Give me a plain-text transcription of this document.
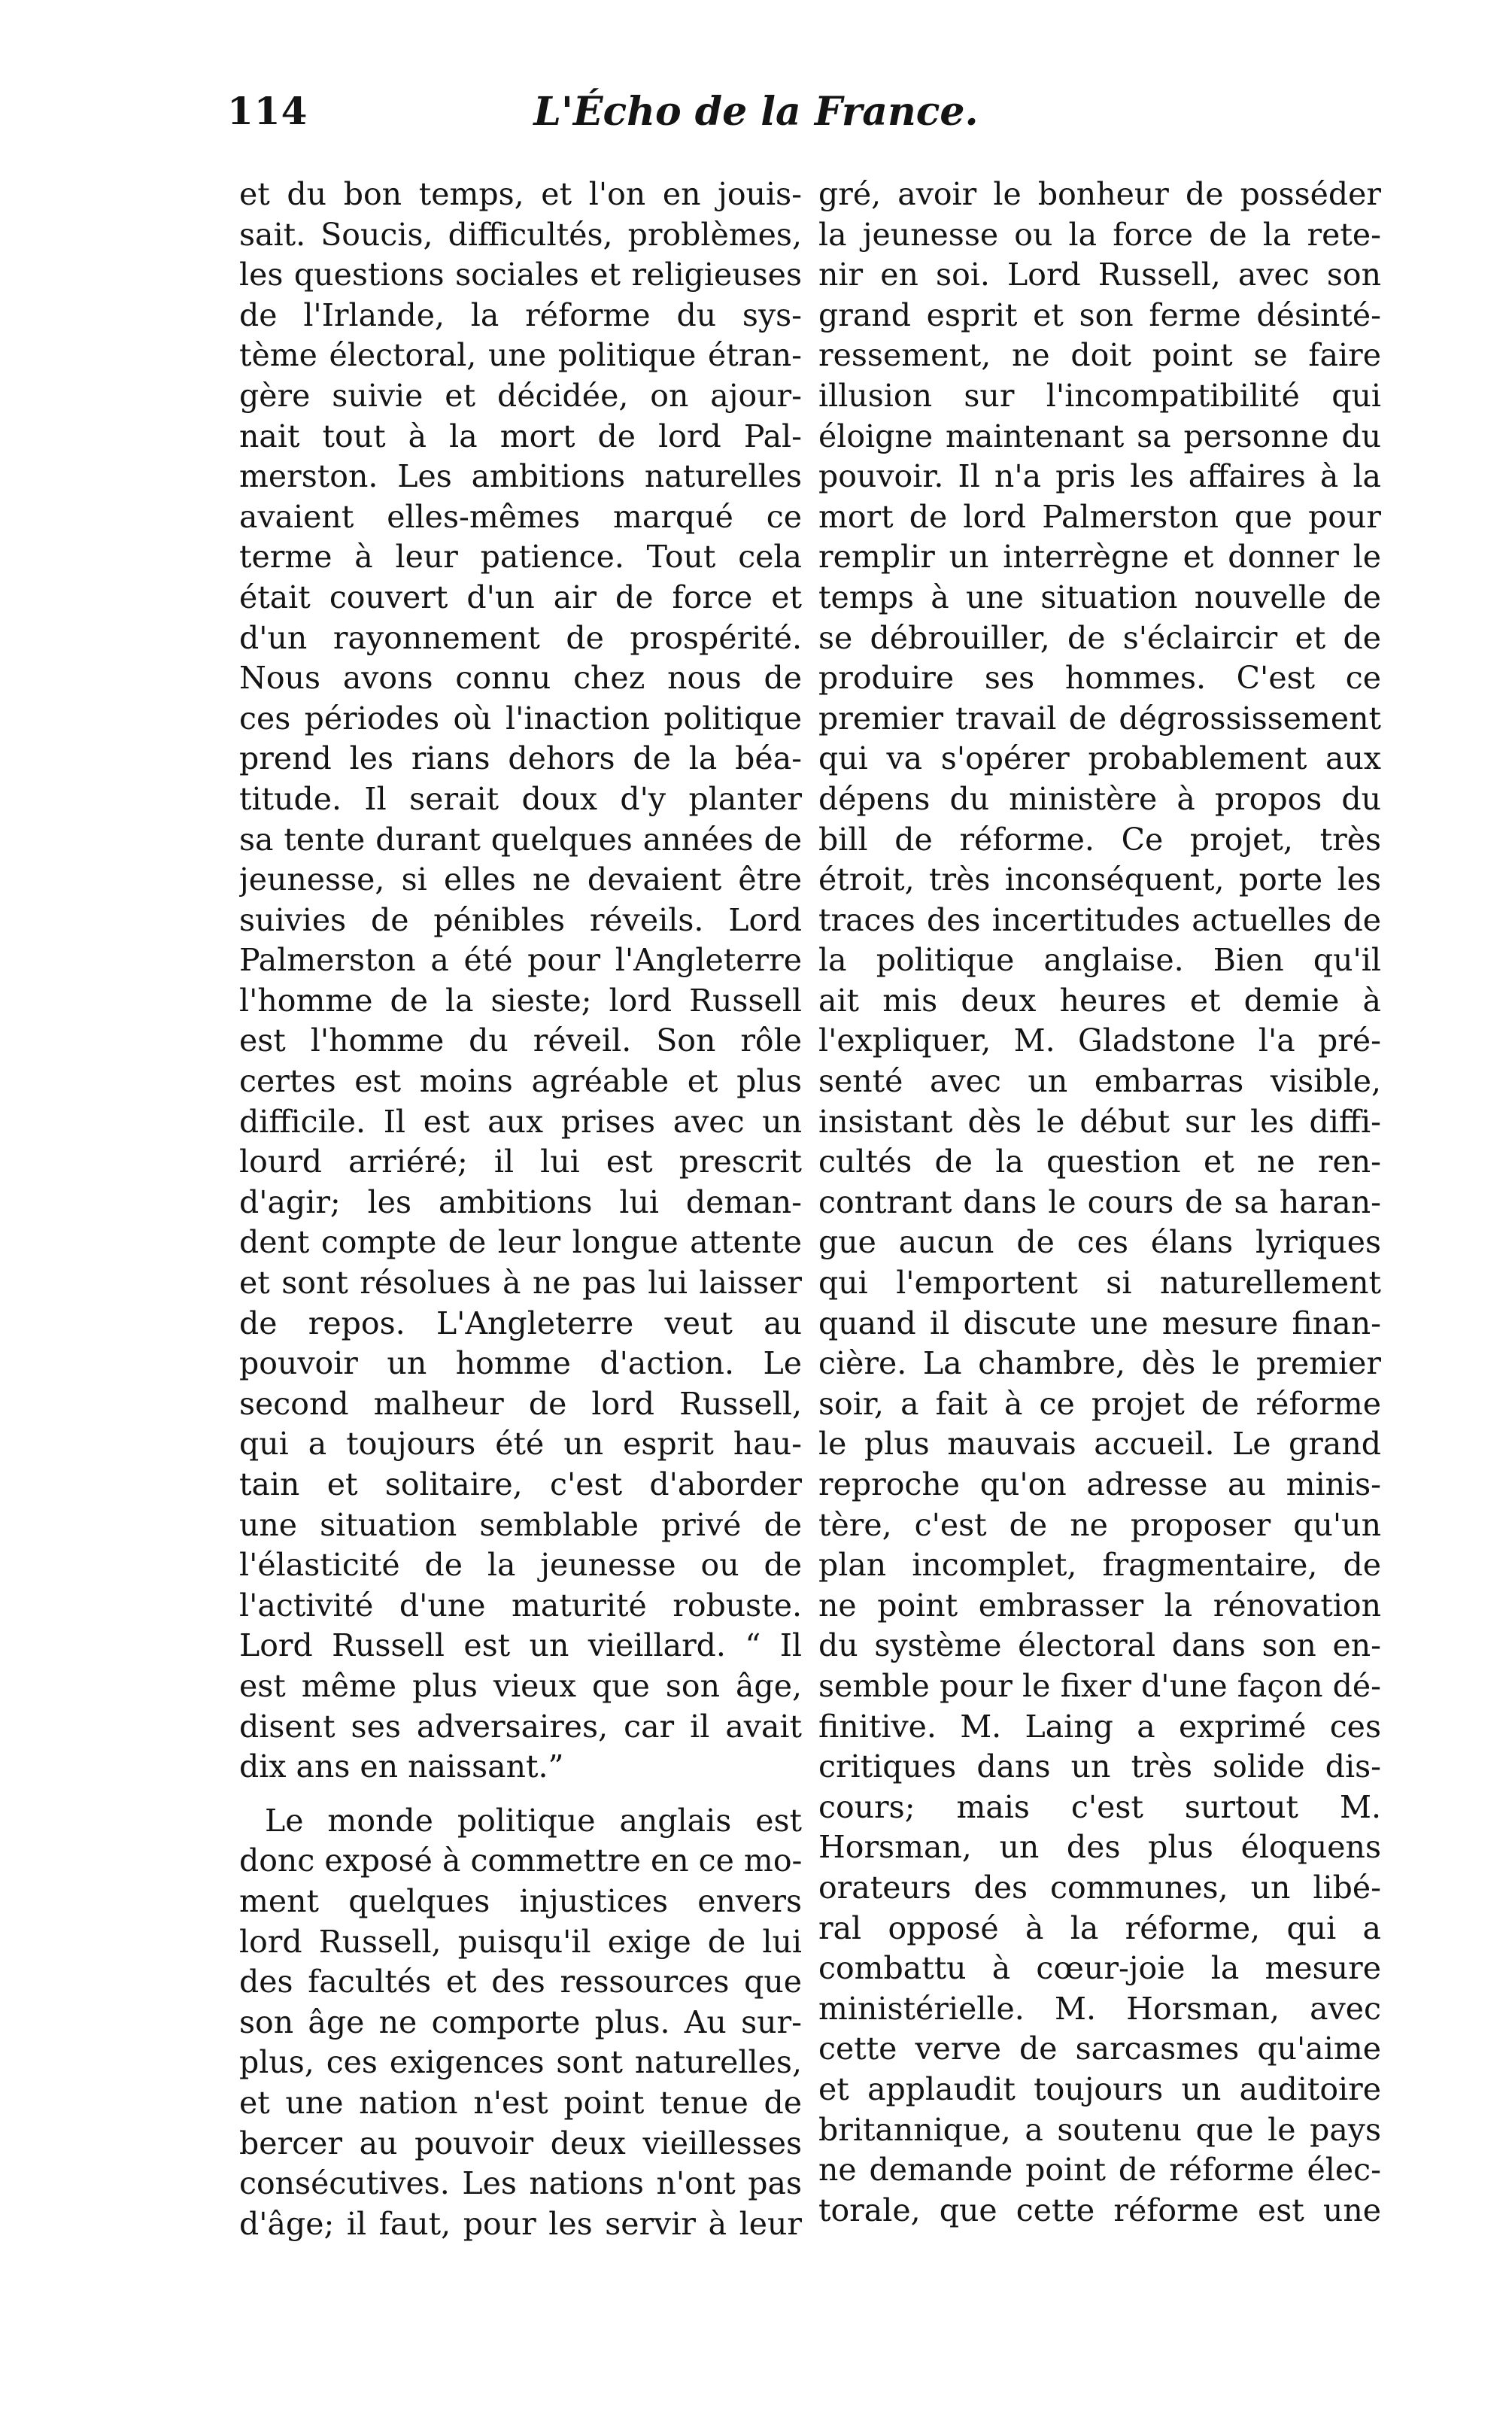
114	L'Écho de la France.
et du bon temps, et l'on en jouis-
sait. Soucis, difficultés, problèmes,
les questions sociales et religieuses
de l'Irlande, la réforme du sys-
tème électoral, une politique étran-
gère suivie et décidée, on ajour-
nait tout à la mort de lord Pal-
merston. Les ambitions naturelles
avaient elles-mêmes marqué ce
terme à leur patience. Tout cela
était couvert d'un air de force et
d'un rayonnement de prospérité.
Nous avons connu chez nous de
ces périodes où l'inaction politique
prend les rians dehors de la béa-
titude. Il serait doux d'y planter
sa tente durant quelques années de
jeunesse, si elles ne devaient être
suivies de pénibles réveils. Lord
Palmerston a été pour l'Angleterre
l'homme de la sieste; lord Russell
est l'homme du réveil. Son rôle
certes est moins agréable et plus
difficile. Il est aux prises avec un
lourd arriéré; il lui est prescrit
d'agir; les ambitions lui deman-
dent compte de leur longue attente
et sont résolues à ne pas lui laisser
de repos. L'Angleterre veut au
pouvoir un homme d'action. Le
second malheur de lord Russell,
qui a toujours été un esprit hau-
tain et solitaire, c'est d'aborder
une situation semblable privé de
l'élasticité de la jeunesse ou de
l'activité d'une maturité robuste.
Lord Russell est un vieillard. “ Il
est même plus vieux que son âge,
disent ses adversaires, car il avait
dix ans en naissant.”
Le monde politique anglais est
donc exposé à commettre en ce mo-
ment quelques injustices envers
lord Russell, puisqu'il exige de lui
des facultés et des ressources que
son âge ne comporte plus. Au sur-
plus, ces exigences sont naturelles,
et une nation n'est point tenue de
bercer au pouvoir deux vieillesses
consécutives. Les nations n'ont pas
d'âge; il faut, pour les servir à leur
gré, avoir le bonheur de posséder
la jeunesse ou la force de la rete-
nir en soi. Lord Russell, avec son
grand esprit et son ferme désinté-
ressement, ne doit point se faire
illusion sur l'incompatibilité qui
éloigne maintenant sa personne du
pouvoir. Il n'a pris les affaires à la
mort de lord Palmerston que pour
remplir un interrègne et donner le
temps à une situation nouvelle de
se débrouiller, de s'éclaircir et de
produire ses hommes. C'est ce
premier travail de dégrossissement
qui va s'opérer probablement aux
dépens du ministère à propos du
bill de réforme. Ce projet, très
étroit, très inconséquent, porte les
traces des incertitudes actuelles de
la politique anglaise. Bien qu'il
ait mis deux heures et demie à
l'expliquer, M. Gladstone l'a pré-
senté avec un embarras visible,
insistant dès le début sur les diffi-
cultés de la question et ne ren-
contrant dans le cours de sa haran-
gue aucun de ces élans lyriques
qui l'emportent si naturellement
quand il discute une mesure finan-
cière. La chambre, dès le premier
soir, a fait à ce projet de réforme
le plus mauvais accueil. Le grand
reproche qu'on adresse au minis-
tère, c'est de ne proposer qu'un
plan incomplet, fragmentaire, de
ne point embrasser la rénovation
du système électoral dans son en-
semble pour le fixer d'une façon dé-
finitive. M. Laing a exprimé ces
critiques dans un très solide dis-
cours; mais c'est surtout M.
Horsman, un des plus éloquens
orateurs des communes, un libé-
ral opposé à la réforme, qui a
combattu à cœur-joie la mesure
ministérielle. M. Horsman, avec
cette verve de sarcasmes qu'aime
et applaudit toujours un auditoire
britannique, a soutenu que le pays
ne demande point de réforme élec-
torale, que cette réforme est une
